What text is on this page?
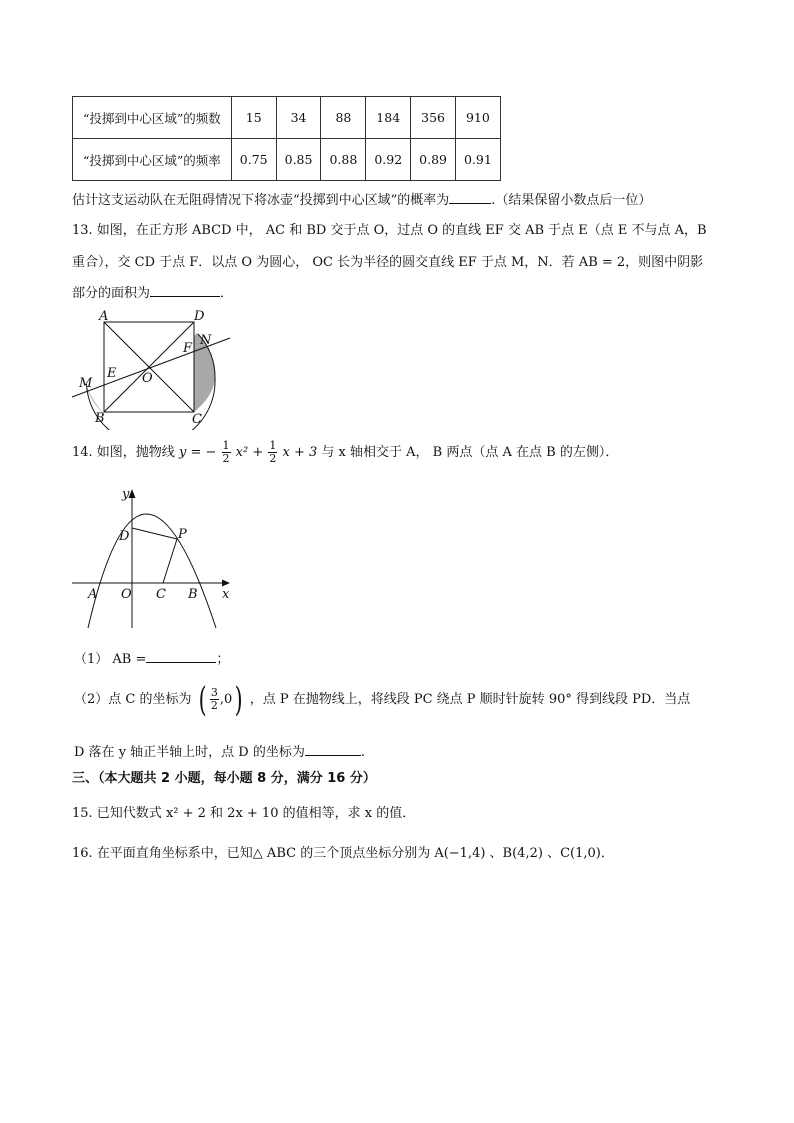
“投掷到中心区域”的频数	15	34	88	184	356	910
“投掷到中心区域”的频率	0.75	0.85	0.88	0.92	0.89	0.91
估计这支运动队在无阻碍情况下将冰壶“投掷到中心区域”的概率为	.（结果保留小数点后一位）
13. 如图，在正方形 ABCD 中， AC 和 BD 交于点 O，过点 O 的直线 EF 交 AB 于点 E（点 E 不与点 A，B
重合），交 CD 于点 F．以点 O 为圆心， OC 长为半径的圆交直线 EF 于点 M，N．若 AB = 2，则图中阴影
部分的面积为	．
A	D
N
F
M
E O
B	C
14. 如图，抛物线 y = − $\frac{1}{2} x^2 + \frac{1}{2}$ x + 3 与 x 轴相交于 A， B 两点（点 A 在点 B 的左侧）．
y
x
D	P
A O C B
（1） AB =	；
（2）点 C 的坐标为 ( $\frac{3}{2} ,0$) ，点 P 在抛物线上，将线段 PC 绕点 P 顺时针旋转 90° 得到线段 PD．当点
D 落在 y 轴正半轴上时，点 D 的坐标为	.
三、（本大题共 2 小题，每小题 8 分，满分 16 分）
15. 已知代数式 x² + 2 和 2x + 10 的值相等，求 x 的值．
16. 在平面直角坐标系中，已知△ ABC 的三个顶点坐标分别为 A(−1,4) 、B(4,2) 、C(1,0)．
